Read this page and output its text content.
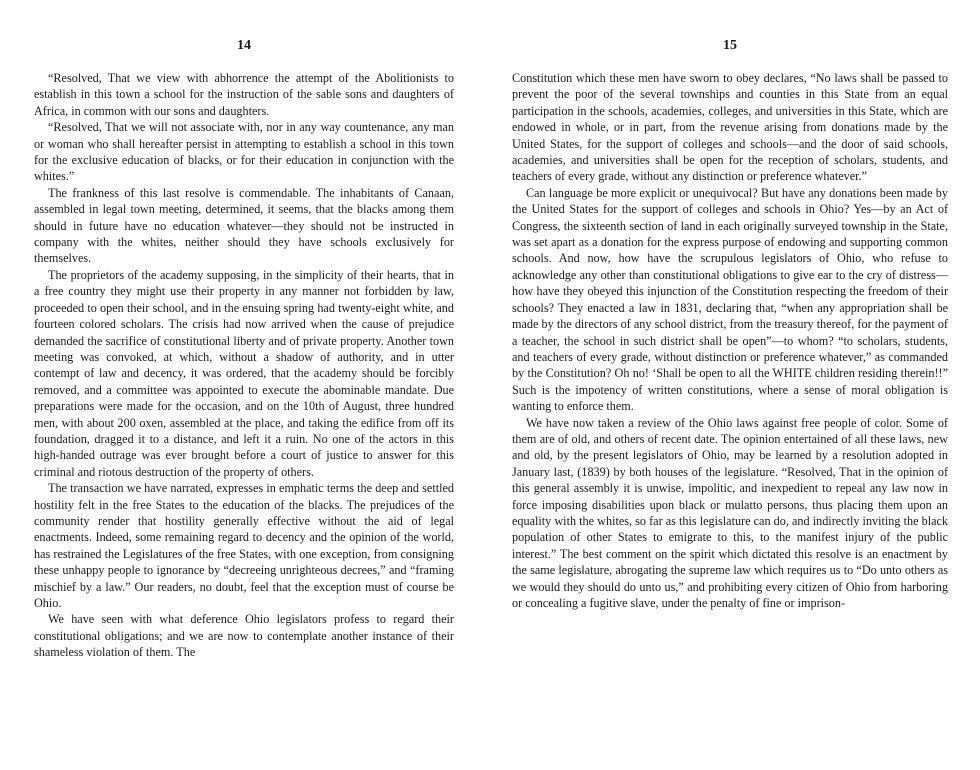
14

“Resolved, That we view with abhorrence the attempt of the Abolitionists to establish in this town a school for the instruction of the sable sons and daughters of Africa, in common with our sons and daughters.

“Resolved, That we will not associate with, nor in any way countenance, any man or woman who shall hereafter persist in attempting to establish a school in this town for the exclusive education of blacks, or for their education in conjunction with the whites.”

The frankness of this last resolve is commendable. The inhabitants of Canaan, assembled in legal town meeting, determined, it seems, that the blacks among them should in future have no education whatever—they should not be instructed in company with the whites, neither should they have schools exclusively for themselves.

The proprietors of the academy supposing, in the simplicity of their hearts, that in a free country they might use their property in any manner not forbidden by law, proceeded to open their school, and in the ensuing spring had twenty-eight white, and fourteen colored scholars. The crisis had now arrived when the cause of prejudice demanded the sacrifice of constitutional liberty and of private property. Another town meeting was convoked, at which, without a shadow of authority, and in utter contempt of law and decency, it was ordered, that the academy should be forcibly removed, and a committee was appointed to execute the abominable mandate. Due preparations were made for the occasion, and on the 10th of August, three hundred men, with about 200 oxen, assembled at the place, and taking the edifice from off its foundation, dragged it to a distance, and left it a ruin. No one of the actors in this high-handed outrage was ever brought before a court of justice to answer for this criminal and riotous destruction of the property of others.

The transaction we have narrated, expresses in emphatic terms the deep and settled hostility felt in the free States to the education of the blacks. The prejudices of the community render that hostility generally effective without the aid of legal enactments. Indeed, some remaining regard to decency and the opinion of the world, has restrained the Legislatures of the free States, with one exception, from consigning these unhappy people to ignorance by “decreeing unrighteous decrees,” and “framing mischief by a law.” Our readers, no doubt, feel that the exception must of course be Ohio.

We have seen with what deference Ohio legislators profess to regard their constitutional obligations; and we are now to contemplate another instance of their shameless violation of them. The

15

Constitution which these men have sworn to obey declares, “No laws shall be passed to prevent the poor of the several townships and counties in this State from an equal participation in the schools, academies, colleges, and universities in this State, which are endowed in whole, or in part, from the revenue arising from donations made by the United States, for the support of colleges and schools—and the door of said schools, academies, and universities shall be open for the reception of scholars, students, and teachers of every grade, without any distinction or preference whatever.”

Can language be more explicit or unequivocal? But have any donations been made by the United States for the support of colleges and schools in Ohio? Yes—by an Act of Congress, the sixteenth section of land in each originally surveyed township in the State, was set apart as a donation for the express purpose of endowing and supporting common schools. And now, how have the scrupulous legislators of Ohio, who refuse to acknowledge any other than constitutional obligations to give ear to the cry of distress—how have they obeyed this injunction of the Constitution respecting the freedom of their schools? They enacted a law in 1831, declaring that, “when any appropriation shall be made by the directors of any school district, from the treasury thereof, for the payment of a teacher, the school in such district shall be open”—to whom? “to scholars, students, and teachers of every grade, without distinction or preference whatever,” as commanded by the Constitution? Oh no! ‘Shall be open to all the WHITE children residing therein!!” Such is the impotency of written constitutions, where a sense of moral obligation is wanting to enforce them.

We have now taken a review of the Ohio laws against free people of color. Some of them are of old, and others of recent date. The opinion entertained of all these laws, new and old, by the present legislators of Ohio, may be learned by a resolution adopted in January last, (1839) by both houses of the legislature. “Resolved, That in the opinion of this general assembly it is unwise, impolitic, and inexpedient to repeal any law now in force imposing disabilities upon black or mulatto persons, thus placing them upon an equality with the whites, so far as this legislature can do, and indirectly inviting the black population of other States to emigrate to this, to the manifest injury of the public interest.” The best comment on the spirit which dictated this resolve is an enactment by the same legislature, abrogating the supreme law which requires us to “Do unto others as we would they should do unto us,” and prohibiting every citizen of Ohio from harboring or concealing a fugitive slave, under the penalty of fine or imprison-
